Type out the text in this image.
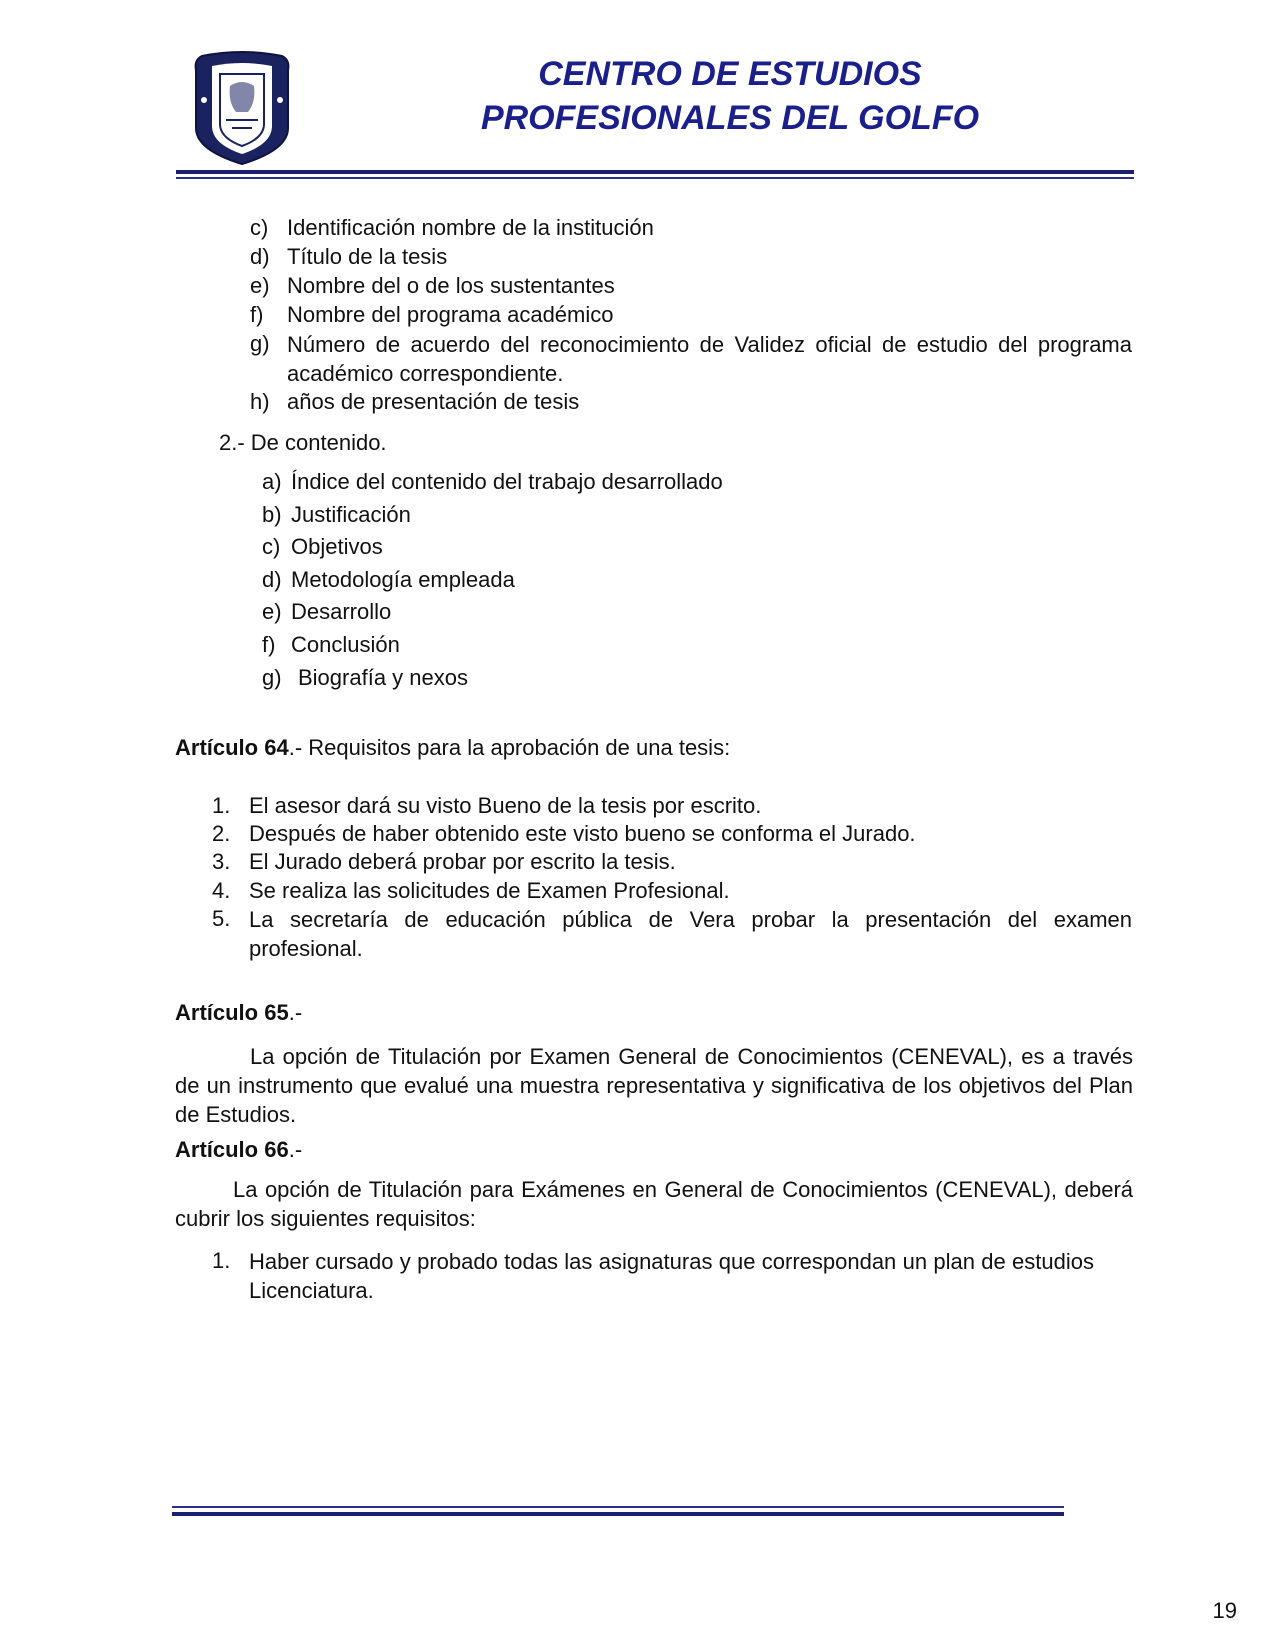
CENTRO DE ESTUDIOS
PROFESIONALES DEL GOLFO
c) Identificación nombre de la institución
d) Título de la tesis
e) Nombre del o de los sustentantes
f) Nombre del programa académico
g) Número de acuerdo del reconocimiento de Validez oficial de estudio del programa académico correspondiente.
h) años de presentación de tesis
2.- De contenido.
a) Índice del contenido del trabajo desarrollado
b) Justificación
c) Objetivos
d) Metodología empleada
e) Desarrollo
f) Conclusión
g) Biografía y nexos
Artículo 64.- Requisitos para la aprobación de una tesis:
1. El asesor dará su visto Bueno de la tesis por escrito.
2. Después de haber obtenido este visto bueno se conforma el Jurado.
3. El Jurado deberá probar por escrito la tesis.
4. Se realiza las solicitudes de Examen Profesional.
5. La secretaría de educación pública de Vera probar la presentación del examen profesional.
Artículo 65.-
La opción de Titulación por Examen General de Conocimientos (CENEVAL), es a través de un instrumento que evalué una muestra representativa y significativa de los objetivos del Plan de Estudios.
Artículo 66.-
La opción de Titulación para Exámenes en General de Conocimientos (CENEVAL), deberá cubrir los siguientes requisitos:
1. Haber cursado y probado todas las asignaturas que correspondan un plan de estudios Licenciatura.
19
